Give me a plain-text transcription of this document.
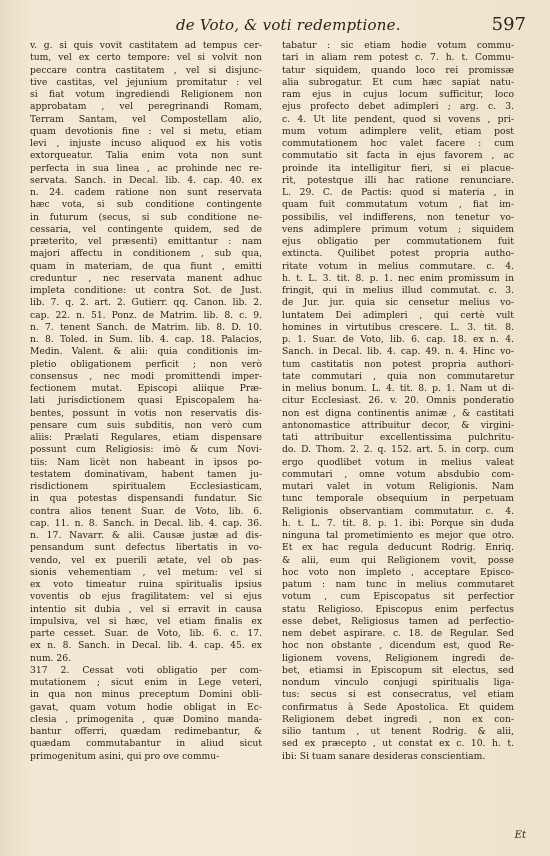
de Voto, & voti redemptione.	597
v. g. si quis vovit castitatem ad tempus cer-
tum, vel ex certo tempore: vel si volvit non
peccare contra castitatem , vel si disjunc-
tive castitas, vel jejunium promitatur : vel
si fiat votum ingrediendi Religionem non
approbatam , vel peregrinandi Romam,
Terram Santam, vel Compostellam alio,
quam devotionis fine : vel si metu, etiam
levi , injuste incuso aliquod ex his votis
extorqueatur. Talia enim vota non sunt
perfecta in sua linea , ac prohinde nec re-
servata. Sanch. in Decal. lib. 4. cap. 40. ex
n. 24. cadem ratione non sunt reservata
hæc vota, si sub conditione contingente
in futurum (secus, si sub conditione ne-
cessaria, vel contingente quidem, sed de
præterito, vel præsenti) emittantur : nam
majori affectu in conditionem , sub qua,
quam in materiam, de qua fiunt , emitti
creduntur , nec reservata manent adhuc
impleta conditione: ut contra Sot. de Just.
lib. 7. q. 2. art. 2. Gutierr. qq. Canon. lib. 2.
cap. 22. n. 51. Ponz. de Matrim. lib. 8. c. 9.
n. 7. tenent Sanch. de Matrim. lib. 8. D. 10.
n. 8. Toled. in Sum. lib. 4. cap. 18. Palacios,
Medin. Valent. & alii: quia conditionis im-
pletio obligationem perficit ; non verò
consensus , nec modi promittendi imper-
fectionem mutat. Episcopi aliique Præ-
lati jurisdictionem quasi Episcopalem ha-
bentes, possunt in votis non reservatis dis-
pensare cum suis subditis, non verò cum
aliis: Prælati Regulares, etiam dispensare
possunt cum Religiosis: imò & cum Novi-
tiis: Nam licèt non habeant in ipsos po-
testatem dominativam, habent tamen ju-
risdictionem spiritualem Ecclesiasticam,
in qua potestas dispensandi fundatur. Sic
contra alios tenent Suar. de Voto, lib. 6.
cap. 11. n. 8. Sanch. in Decal. lib. 4. cap. 36.
n. 17. Navarr. & alii. Causæ justæ ad dis-
pensandum sunt defectus libertatis in vo-
vendo, vel ex puerili ætate, vel ob pas-
sionis vehementiam , vel metum: vel si
ex voto timeatur ruina spiritualis ipsius
voventis ob ejus fragilitatem: vel si ejus
intentio sit dubia , vel si erravit in causa
impulsiva, vel si hæc, vel etiam finalis ex
parte cesset. Suar. de Voto, lib. 6. c. 17.
ex n. 8. Sanch. in Decal. lib. 4. cap. 45. ex
num. 26.
317 2. Cessat voti obligatio per com-
mutationem ; sicut enim in Lege veteri,
in qua non minus preceptum Domini obli-
gavat, quam votum hodie obligat in Ec-
clesia , primogenita , quæ Domino manda-
bantur offerri, quædam redimebantur, &
quædam commutabantur in aliud sicut
primogenitum asini, qui pro ove commu-
tabatur : sic etiam hodie votum commu-
tari in aliam rem potest c. 7. h. t. Commu-
tatur siquidem, quando loco rei promissæ
alia subrogatur. Et cum hæc sapiat natu-
ram ejus in cujus locum sufficitur, loco
ejus profecto debet adimpleri ; arg. c. 3.
c. 4. Ut lite pendent, quod si vovens , pri-
mum votum adimplere velit, etiam post
commutationem hoc valet facere : cum
commutatio sit facta in ejus favorem , ac
proinde ita intelligitur fieri, si ei placue-
rit, potestque illi hac ratione renunciare.
L. 29. C. de Pactis: quod si materia , in
quam fuit commutatum votum , fiat im-
possibilis, vel indifferens, non tenetur vo-
vens adimplere primum votum ; siquidem
ejus obligatio per commutationem fuit
extincta. Quilibet potest propria autho-
ritate votum in melius commutare. c. 4.
h. t. L. 3. tit. 8. p. 1. nec enim promissum in
fringit, qui in melius illud commutat. c. 3.
de Jur. jur. quia sic censetur melius vo-
luntatem Dei adimpleri , qui certè vult
homines in virtutibus crescere. L. 3. tit. 8.
p. 1. Suar. de Voto, lib. 6. cap. 18. ex n. 4.
Sanch. in Decal. lib. 4. cap. 49. n. 4. Hinc vo-
tum castitatis non potest propria authori-
tate commutari , quia non commutaretur
in melius bonum. L. 4. tit. 8. p. 1. Nam ut di-
citur Ecclesiast. 26. v. 20. Omnis ponderatio
non est digna continentis animæ , & castitati
antonomastice attribuitur decor, & virgini-
tati attribuitur excellentissima pulchritu-
do. D. Thom. 2. 2. q. 152. art. 5. in corp. cum
ergo quodlibet votum in melius valeat
commutari , omne votum absdubio com-
mutari valet in votum Religionis. Nam
tunc temporale obsequium in perpetuam
Religionis observantiam commutatur. c. 4.
h. t. L. 7. tit. 8. p. 1. ibi: Porque sin duda
ninguna tal prometimiento es mejor que otro.
Et ex hac regula deducunt Rodrig. Enriq.
& alii, eum qui Religionem vovit, posse
hoc voto non impleto , acceptare Episco-
patum : nam tunc in melius commutaret
votum , cum Episcopatus sit perfectior
statu Religioso. Episcopus enim perfectus
esse debet, Religiosus tamen ad perfectio-
nem debet aspirare. c. 18. de Regular. Sed
hoc non obstante , dicendum est, quod Re-
ligionem vovens, Religionem ingredi de-
bet, etiamsi in Episcopum sit electus, sed
nondum vinculo conjugi spiritualis liga-
tus: secus si est consecratus, vel etiam
confirmatus à Sede Apostolica. Et quidem
Religionem debet ingredi , non ex con-
silio tantum , ut tenent Rodrig. & alii,
sed ex præcepto , ut constat ex c. 10. h. t.
ibi: Si tuam sanare desideras conscientiam.
Et
